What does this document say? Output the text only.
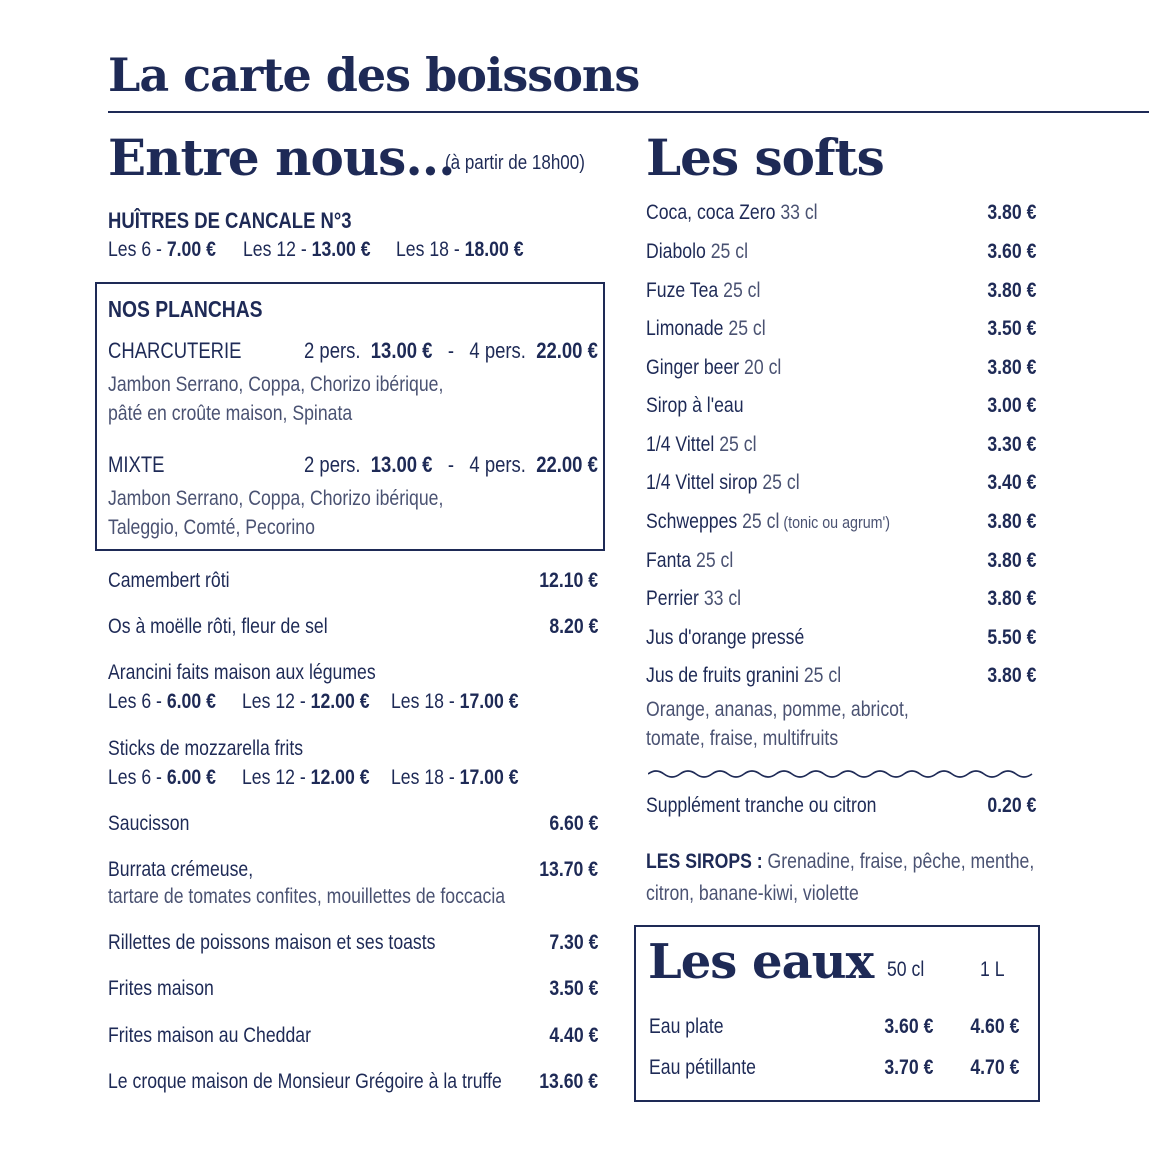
La carte des boissons
Entre nous...
(à partir de 18h00)
HUÎTRES DE CANCALE N°3
Les 6 - 7.00 € Les 12 - 13.00 € Les 18 - 18.00 €
NOS PLANCHAS
CHARCUTERIE	2 pers. 13.00 € - 4 pers. 22.00 €
Jambon Serrano, Coppa, Chorizo ibérique,
pâté en croûte maison, Spinata
MIXTE	2 pers. 13.00 € - 4 pers. 22.00 €
Jambon Serrano, Coppa, Chorizo ibérique,
Taleggio, Comté, Pecorino
Camembert rôti	12.10 €
Os à moëlle rôti, fleur de sel	8.20 €
Arancini faits maison aux légumes
Les 6 - 6.00 € Les 12 - 12.00 € Les 18 - 17.00 €
Sticks de mozzarella frits
Les 6 - 6.00 € Les 12 - 12.00 € Les 18 - 17.00 €
Saucisson	6.60 €
Burrata crémeuse,	13.70 €
tartare de tomates confites, mouillettes de foccacia
Rillettes de poissons maison et ses toasts	7.30 €
Frites maison	3.50 €
Frites maison au Cheddar	4.40 €
Le croque maison de Monsieur Grégoire à la truffe 13.60 €
Les softs
Coca, coca Zero 33 cl	3.80 €
Diabolo 25 cl	3.60 €
Fuze Tea 25 cl	3.80 €
Limonade 25 cl	3.50 €
Ginger beer 20 cl	3.80 €
Sirop à l'eau	3.00 €
1/4 Vittel 25 cl	3.30 €
1/4 Vittel sirop 25 cl	3.40 €
Schweppes 25 cl (tonic ou agrum')	3.80 €
Fanta 25 cl	3.80 €
Perrier 33 cl	3.80 €
Jus d'orange pressé	5.50 €
Jus de fruits granini 25 cl	3.80 €
Orange, ananas, pomme, abricot,
tomate, fraise, multifruits
Supplément tranche ou citron	0.20 €
LES SIROPS : Grenadine, fraise, pêche, menthe,
citron, banane-kiwi, violette
Les eaux 50 cl	1 L
Eau plate	3.60 € 4.60 €
Eau pétillante	3.70 € 4.70 €
